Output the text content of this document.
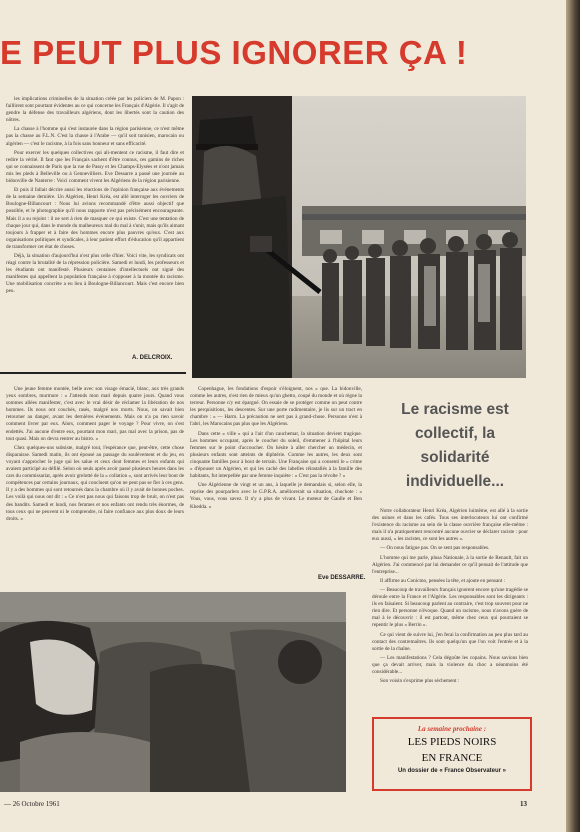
E PEUT PLUS IGNORER ÇA !

les implications criminelles de la situation créée par les policiers de M. Papon : faillirent sont pourtant évidentes au ce qui concerne les Français d'Algérie. Il s'agit de gendre la défense des travailleurs algériens, dont les libertés sont la caution des nôtres.

La chasse à l'homme qui s'est instaurée dans la région parisienne, ce n'est même pas la chasse au F.L.N. C'est la chasse à l'Arabe — qu'il soit tunisien, marocain ou algérien — c'est le racisme, à la fois sans honneur et sans efficacité.

Pour exercer les quelques collectives qui ali-mentent ce racisme, il faut dire et redire la vérité. Il faut que les Français sachent d'être connus, ces gamins de riches qui se connaissent de Paris que la rue de Passy et les Champs-Elysées et n'ont jamais mis les pieds à Belleville ou à Gennevilliers. Eve Dessarre a passé une journée au bidonville de Nanterre : Voici comment vivent les Algériens de la région parisienne.

Et puis il fallait décrire aussi les réactions de l'opinion française aux événements de la semaine dernière. Un Algérien, Henri Kréa, est allé interroger les ouvriers de Boulogne-Billancourt : Nous lui avions recommandé d'être aussi objectif que possible, et le photographie qu'il nous rapporte n'est pas précisément encourageante. Mais il a su rejoint : il ne sert à rien de masquer ce qui existe. C'est une tentation de chaque jour qui, dans le monde du malheureux mal du mal à s'unir, mais qu'ils aimant toujours à frapper et à faire des hommes encore plus pauvres qu'eux. C'est aux organisations politiques et syndicales, à leur patient effort d'éducation qu'il appartient de transformer cet état de choses.

Déjà, la situation d'aujourd'hui n'est plus celle d'hier. Voici vite, les syndicats ont réagi contre la brutalité de la répression policière. Samedi et lundi, les professeurs et les étudiants ont manifesté. Plusieurs centaines d'intellectuels ont signé des manifestes qui appellent la population française à s'opposer à la montée du racisme. Une mobilisation concrète a eu lieu à Boulogne-Billancourt. Mais c'est encore bien peu.

A. DELCROIX.

Une jeune femme montée, belle avec son visage émacié, blanc, aux très grands yeux sombres, murmure : « J'attends mon mari depuis quatre jours. Quand vous sommes allées manifester, c'est avec le vrai désir de réclamer la libération de nos hommes. Ils nous ont couchés, rasés, malgré nos morts. Nous, on savait bien retourner au danger, avant les dernières événements. Mais on n'a pu rien savoir comment livrer par eux. Alors, comment pager le voyage ? Pour vivre, on s'est endettés. J'ai aucune d'entre eux, pourtant mon mari, pas mal avec la prison, pas de tout quasi. Mais on devra rentrer au bistro. »

Chez quelques-uns subsiste, malgré tout, l'espérance que, peut-être, cette chose disparaisse. Samedi matin, ils ont épousé au passage du soulèvement et du jeu, en voyant s'approcher le juge qui les salue et ceux dont femmes et leurs enfants qui avaient participé au défilé. Selon où seuls après avoir passé plusieurs heures dans les cars du commissariat, après avoir grelotté de la « collation », sont arrivés leur bout de compétences par certains journaux, qui concluent qu'on ne peut pas se fier à ces gens. Il y a des hommes qui sont retournés dans la chambre où il y avait de bonnes poches. Les voilà qui nous ont dit : « Ce n'est pas nous qui faisons trop de bruit, on n'est pas des bandits. Samedi et lundi, nos femmes et nos enfants ont rendu très énormes, de tous ceux qui ne peuvent ni le comprendre, ni faire confiance aux plus doux de leurs droits. »

Copenhague, les fondations d'espoir s'éloignent, nos « que. La bidonville, comme les autres, n'est rien de mieux qu'un ghetto, coupé du monde et où règne la terreur. Personne n'y est épargné. On essaie de se protéger comme on peut contre les perquisitions, les descentes. Sur une porte rudimentaire, je lis sur un tract en chambre : « — Harm. La précaution ne sert pas à grand-chose. Personne n'est à l'abri, les Marocains pas plus que les Algériens.

Dans cette « ville » qui a l'air d'un cauchemar, la situation devient tragique. Les hommes occupant, après le coucher du soleil, d'emmener à l'hôpital leurs femmes sur le point d'accoucher. On hésite à aller chercher un médecin, et plusieurs enfants sont atteints de diphtérie. Comme les autres, les deux sont cinquante familles pour à bout de terrain. Une Française qui a consenti le « crime » d'épouser un Algérien, et qui les caché des labelles réinstallés à la famille des habitants, fut interpellée par une femme inquiète : « C'est pas la révolte ? »

Une Algérienne de vingt et un ans, à laquelle je demandais si, selon elle, la reprise des pourparlers avec le G.P.R.A. améliorerait sa situation, chuchote : « Vous, vous, vous savez. Il n'y a plus de vivant. Le moteur de Gaulle et Ben Khedda. »

Eve DESSARRE.
Le racisme est collectif, la solidarité individuelle...

Notre collaborateur Henri Kréa, Algérien luimême, est allé à la sortie des usines et dans les cafés. Tous ses interlocuteurs lui ont confirmé l'existence du racisme au sein de la classe ouvrière française elle-même : mais il n'a pratiquement rencontré aucune ouvrier se déclarer raciste : pour eux aussi, « les racistes, ce sont les autres ».

— On nous fatigue pas. On se sent pas responsables.

L'homme qui me parle, plusa Nationale, à la sortie de Renault, fait un Algérien. J'ai commencé par lui demander ce qu'il pensait de l'attitude que l'entreprise...

Il affirme au Conicmo, pensées la tête, et ajoute en pensant :

— Beaucoup de travailleurs français ignorent encore qu'une tragédie se déroule entre la France et l'Algérie. Les responsables sont les dirigeants : ils en faisaient. Si beaucoup parlent au contraire, c'est trop souvent pour ne rien dire. Et personne n'évoque. Quand un racisme, nous n'avons guère de mal à le découvrir : il est partout, même chez ceux qui pourraient se repentir le plus « Berrin ».

Ce qui vient de suivre lui, j'en ferai la confirmation au peu plus tard au contact des contremaîtres. Ils sont quelqu'un que l'on voit l'entrée et à la sortie de la chaîne.

— Les manifestations ? Cela dégoûte les copains. Nous savions bien que ça devait arriver, mais la violence du choc a néanmoins été considérable...

Son voisin s'exprime plus sèchement :

La semaine prochaine :
LES PIEDS NOIRS
EN FRANCE
Un dossier de « France Observateur »
— 26 Octobre 1961	13
